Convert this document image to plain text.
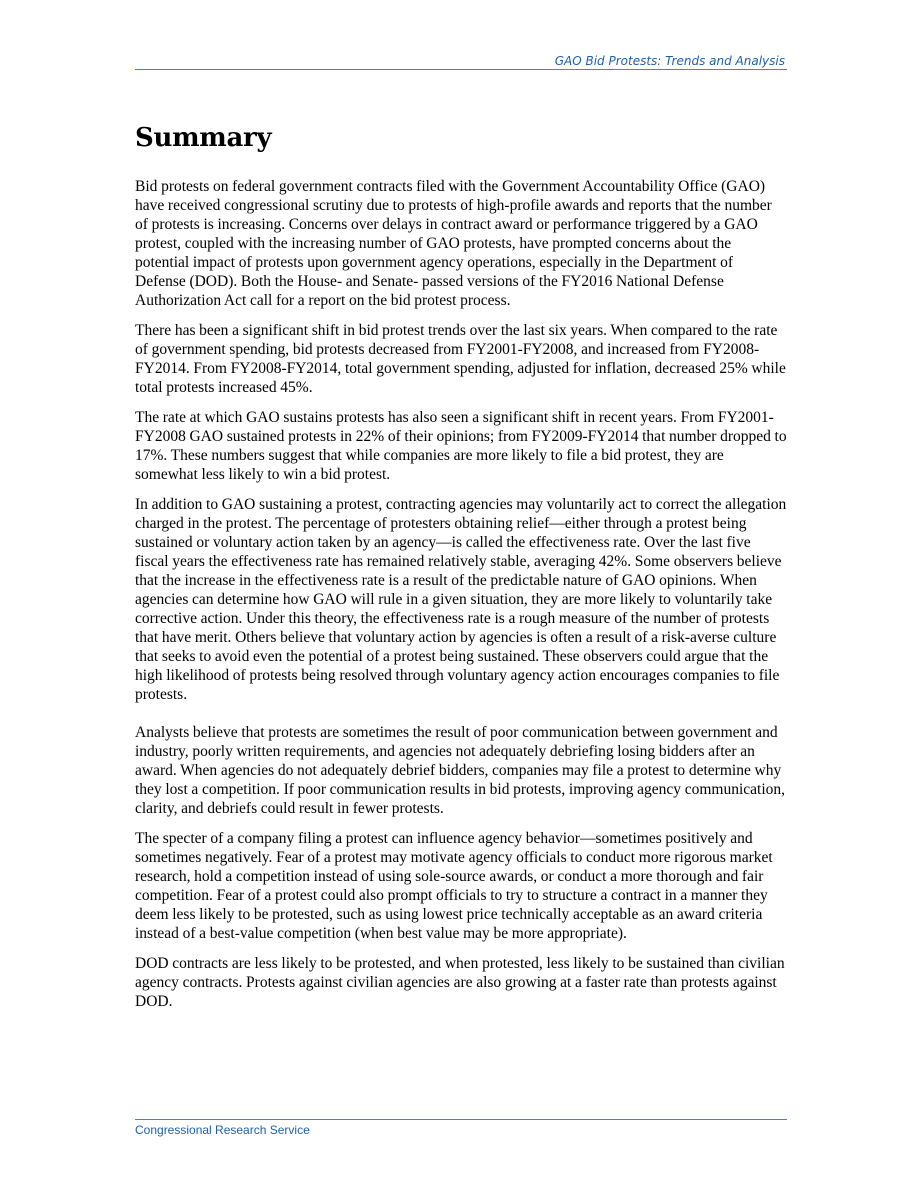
GAO Bid Protests: Trends and Analysis
Summary

Bid protests on federal government contracts filed with the Government Accountability Office (GAO) have received congressional scrutiny due to protests of high-profile awards and reports that the number of protests is increasing. Concerns over delays in contract award or performance triggered by a GAO protest, coupled with the increasing number of GAO protests, have prompted concerns about the potential impact of protests upon government agency operations, especially in the Department of Defense (DOD). Both the House- and Senate- passed versions of the FY2016 National Defense Authorization Act call for a report on the bid protest process.

There has been a significant shift in bid protest trends over the last six years. When compared to the rate of government spending, bid protests decreased from FY2001-FY2008, and increased from FY2008-FY2014. From FY2008-FY2014, total government spending, adjusted for inflation, decreased 25% while total protests increased 45%.

The rate at which GAO sustains protests has also seen a significant shift in recent years. From FY2001-FY2008 GAO sustained protests in 22% of their opinions; from FY2009-FY2014 that number dropped to 17%. These numbers suggest that while companies are more likely to file a bid protest, they are somewhat less likely to win a bid protest.

In addition to GAO sustaining a protest, contracting agencies may voluntarily act to correct the allegation charged in the protest. The percentage of protesters obtaining relief—either through a protest being sustained or voluntary action taken by an agency—is called the effectiveness rate. Over the last five fiscal years the effectiveness rate has remained relatively stable, averaging 42%. Some observers believe that the increase in the effectiveness rate is a result of the predictable nature of GAO opinions. When agencies can determine how GAO will rule in a given situation, they are more likely to voluntarily take corrective action. Under this theory, the effectiveness rate is a rough measure of the number of protests that have merit. Others believe that voluntary action by agencies is often a result of a risk-averse culture that seeks to avoid even the potential of a protest being sustained. These observers could argue that the high likelihood of protests being resolved through voluntary agency action encourages companies to file protests.

Analysts believe that protests are sometimes the result of poor communication between government and industry, poorly written requirements, and agencies not adequately debriefing losing bidders after an award. When agencies do not adequately debrief bidders, companies may file a protest to determine why they lost a competition. If poor communication results in bid protests, improving agency communication, clarity, and debriefs could result in fewer protests.

The specter of a company filing a protest can influence agency behavior—sometimes positively and sometimes negatively. Fear of a protest may motivate agency officials to conduct more rigorous market research, hold a competition instead of using sole-source awards, or conduct a more thorough and fair competition. Fear of a protest could also prompt officials to try to structure a contract in a manner they deem less likely to be protested, such as using lowest price technically acceptable as an award criteria instead of a best-value competition (when best value may be more appropriate).

DOD contracts are less likely to be protested, and when protested, less likely to be sustained than civilian agency contracts. Protests against civilian agencies are also growing at a faster rate than protests against DOD.

Congressional Research Service
